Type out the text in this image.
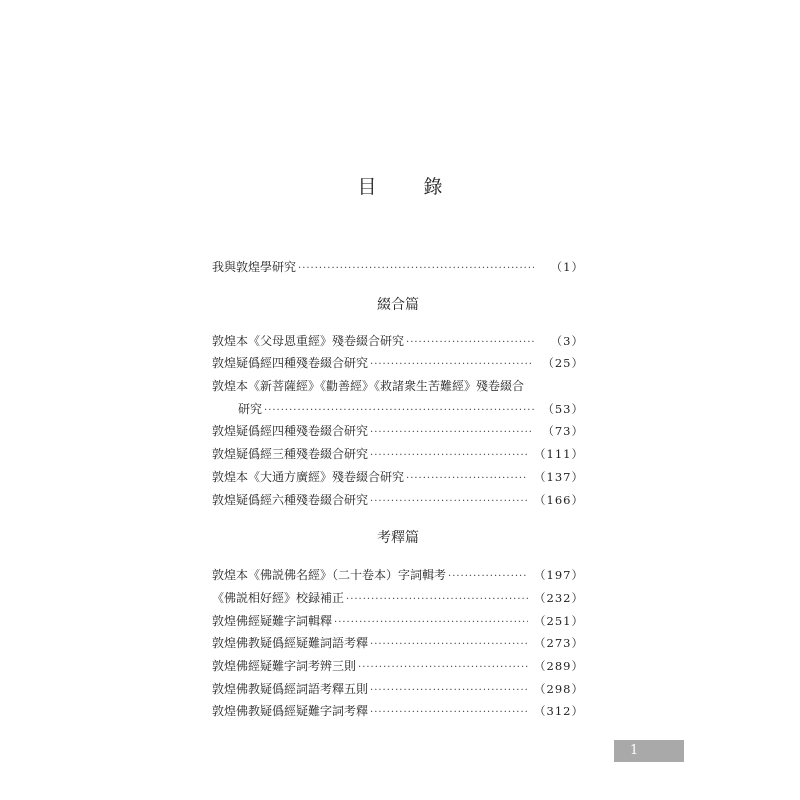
目　錄
我與敦煌學研究 ·····	（1）
綴合篇
敦煌本《父母恩重經》殘卷綴合研究 ·····	（3）
敦煌疑僞經四種殘卷綴合研究 ·····	（25）
敦煌本《新菩薩經》《勸善經》《救諸衆生苦難經》殘卷綴合
研究 ·····	（53）
敦煌疑僞經四種殘卷綴合研究 ·····	（73）
敦煌疑僞經三種殘卷綴合研究 ·····	（111）
敦煌本《大通方廣經》殘卷綴合研究 ·····	（137）
敦煌疑僞經六種殘卷綴合研究 ·····	（166）
考釋篇
敦煌本《佛説佛名經》（二十卷本）字詞輯考 ·····	（197）
《佛説相好經》校録補正 ·····	（232）
敦煌佛經疑難字詞輯釋 ·····	（251）
敦煌佛教疑僞經疑難詞語考釋 ·····	（273）
敦煌佛經疑難字詞考辨三則 ·····	（289）
敦煌佛教疑僞經詞語考釋五則 ·····	（298）
敦煌佛教疑僞經疑難字詞考釋 ·····	（312）
1
